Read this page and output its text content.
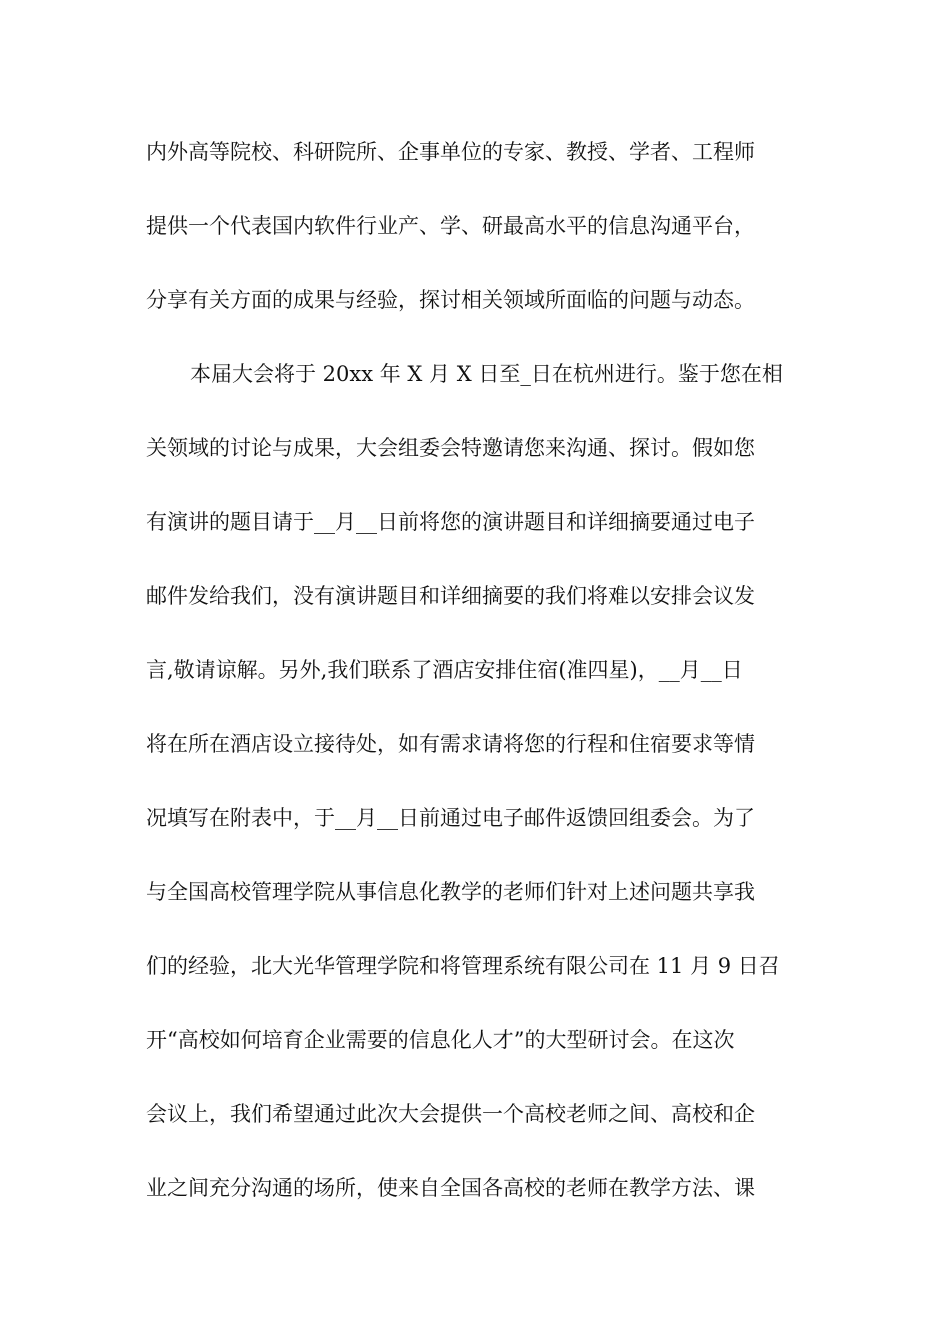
内外高等院校、科研院所、企事单位的专家、教授、学者、工程师
提供一个代表国内软件行业产、学、研最高水平的信息沟通平台，
分享有关方面的成果与经验，探讨相关领域所面临的问题与动态。
本届大会将于 20xx 年 X 月 X 日至_日在杭州进行。鉴于您在相
关领域的讨论与成果，大会组委会特邀请您来沟通、探讨。假如您
有演讲的题目请于__月__日前将您的演讲题目和详细摘要通过电子
邮件发给我们，没有演讲题目和详细摘要的我们将难以安排会议发
言,敬请谅解。另外,我们联系了酒店安排住宿(准四星)，__月__日
将在所在酒店设立接待处，如有需求请将您的行程和住宿要求等情
况填写在附表中，于__月__日前通过电子邮件返馈回组委会。为了
与全国高校管理学院从事信息化教学的老师们针对上述问题共享我
们的经验，北大光华管理学院和将管理系统有限公司在 11 月 9 日召
开“高校如何培育企业需要的信息化人才”的大型研讨会。在这次
会议上，我们希望通过此次大会提供一个高校老师之间、高校和企
业之间充分沟通的场所，使来自全国各高校的老师在教学方法、课
